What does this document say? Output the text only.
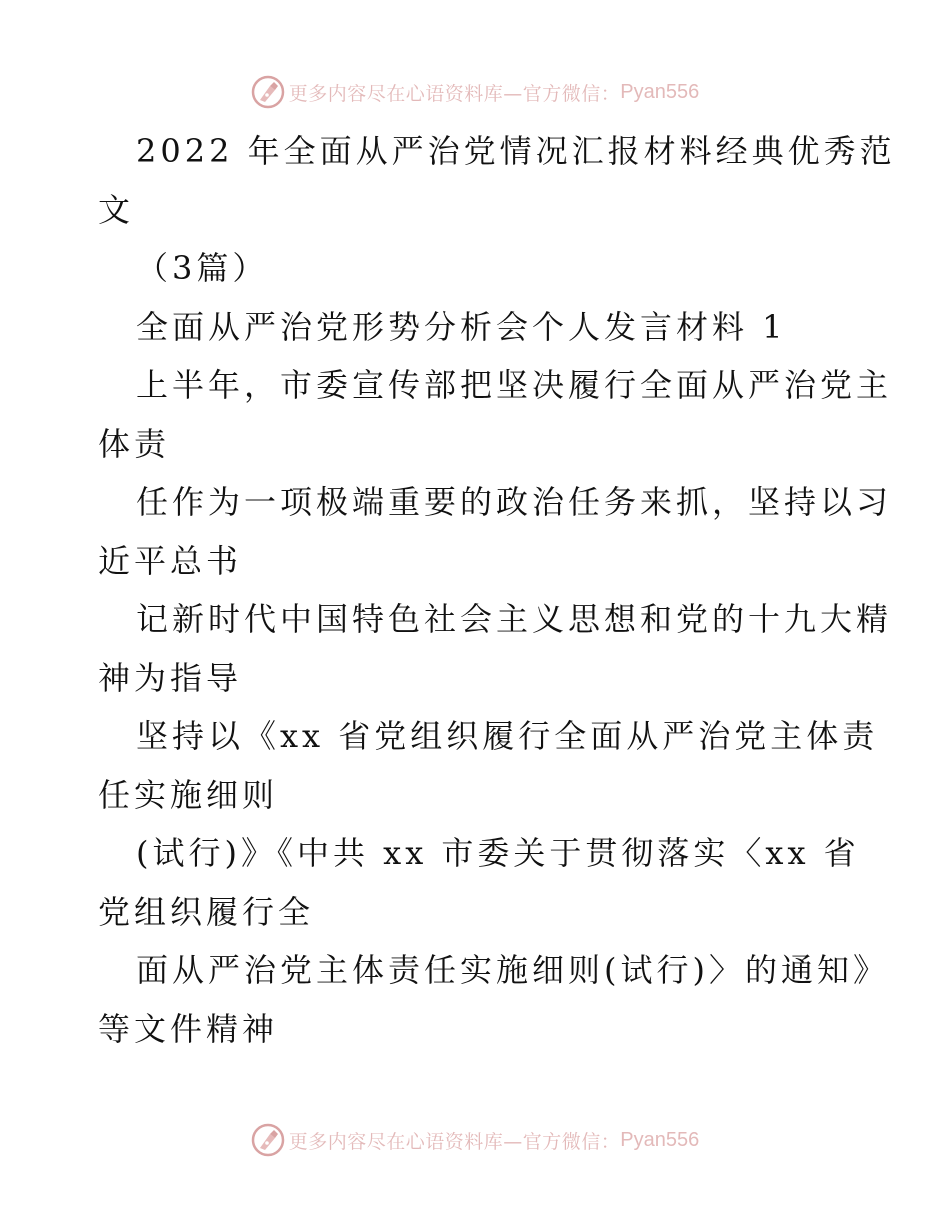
更多内容尽在心语资料库—官方微信： Pyan556
2022 年全面从严治党情况汇报材料经典优秀范
文
（3篇）
全面从严治党形势分析会个人发言材料 1
上半年，市委宣传部把坚决履行全面从严治党主
体责
任作为一项极端重要的政治任务来抓，坚持以习
近平总书
记新时代中国特色社会主义思想和党的十九大精
神为指导
坚持以《xx 省党组织履行全面从严治党主体责
任实施细则
(试行)》《中共 xx 市委关于贯彻落实〈xx 省
党组织履行全
面从严治党主体责任实施细则(试行)〉的通知》
等文件精神
更多内容尽在心语资料库—官方微信： Pyan556
